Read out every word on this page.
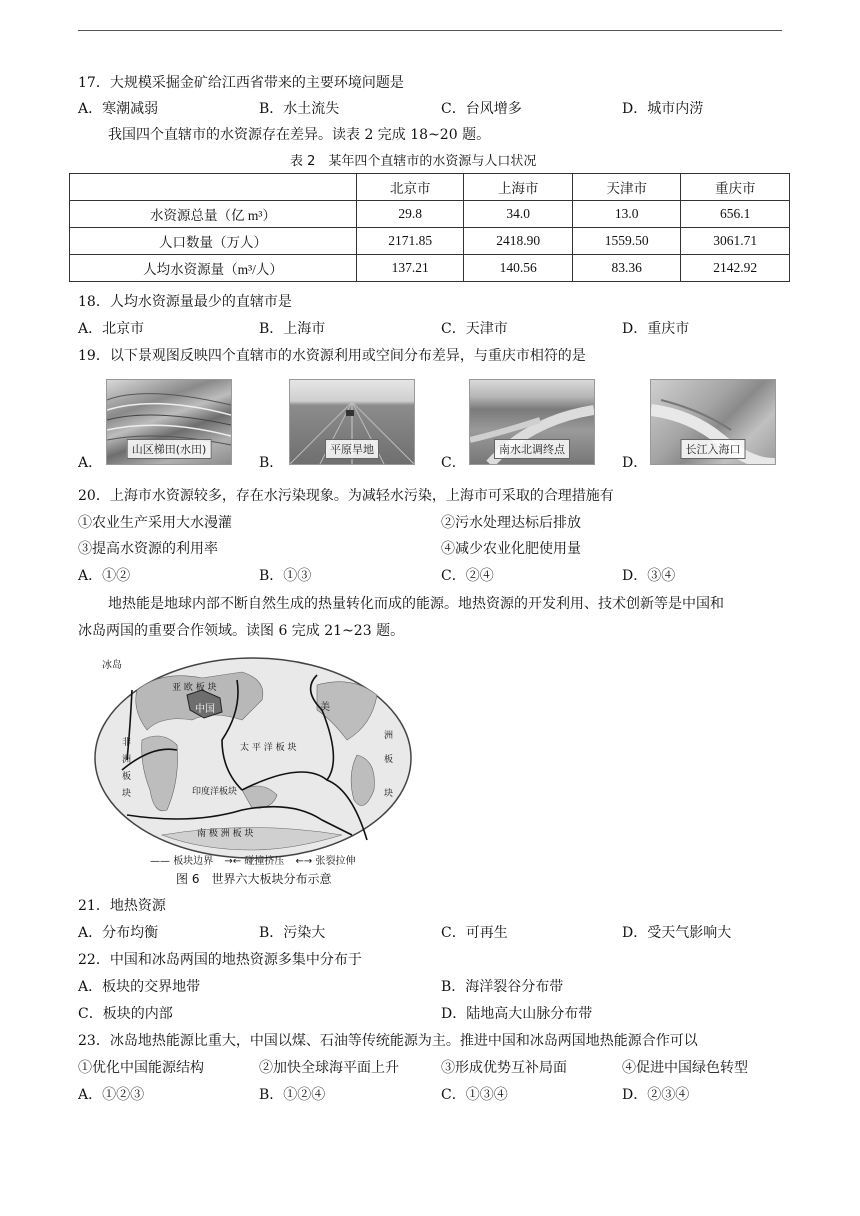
17．大规模采掘金矿给江西省带来的主要环境问题是
A．寒潮减弱	B．水土流失	C．台风增多	D．城市内涝
我国四个直辖市的水资源存在差异。读表 2 完成 18~20 题。
表 2　某年四个直辖市的水资源与人口状况
	北京市	上海市	天津市	重庆市
水资源总量（亿 m³）	29.8	34.0	13.0	656.1
人口数量（万人）	2171.85	2418.90	1559.50	3061.71
人均水资源量（m³/人）	137.21	140.56	83.36	2142.92
18．人均水资源量最少的直辖市是
A．北京市	B．上海市	C．天津市	D．重庆市
19．以下景观图反映四个直辖市的水资源利用或空间分布差异，与重庆市相符的是
A．
山区梯田(水田)
B．
平原旱地
C．
南水北调终点
D．
长江入海口
20．上海市水资源较多，存在水污染现象。为减轻水污染，上海市可采取的合理措施有
①农业生产采用大水漫灌	②污水处理达标后排放
③提高水资源的利用率	④减少农业化肥使用量
A．①②	B．①③	C．②④	D．③④
地热能是地球内部不断自然生成的热量转化而成的能源。地热资源的开发利用、技术创新等是中国和
冰岛两国的重要合作领域。读图 6 完成 21~23 题。
冰岛
亚 欧 板 块
中国	美
非
洲
板
块
太 平 洋 板 块
印度洋板块
洲
板
块
南 极 洲 板 块
—— 板块边界 →← 碰撞挤压 ←→ 张裂拉伸
图 6　世界六大板块分布示意
21．地热资源
A．分布均衡	B．污染大	C．可再生	D．受天气影响大
22．中国和冰岛两国的地热资源多集中分布于
A．板块的交界地带	B．海洋裂谷分布带
C．板块的内部	D．陆地高大山脉分布带
23．冰岛地热能源比重大，中国以煤、石油等传统能源为主。推进中国和冰岛两国地热能源合作可以
①优化中国能源结构	②加快全球海平面上升	③形成优势互补局面	④促进中国绿色转型
A．①②③	B．①②④	C．①③④	D．②③④
